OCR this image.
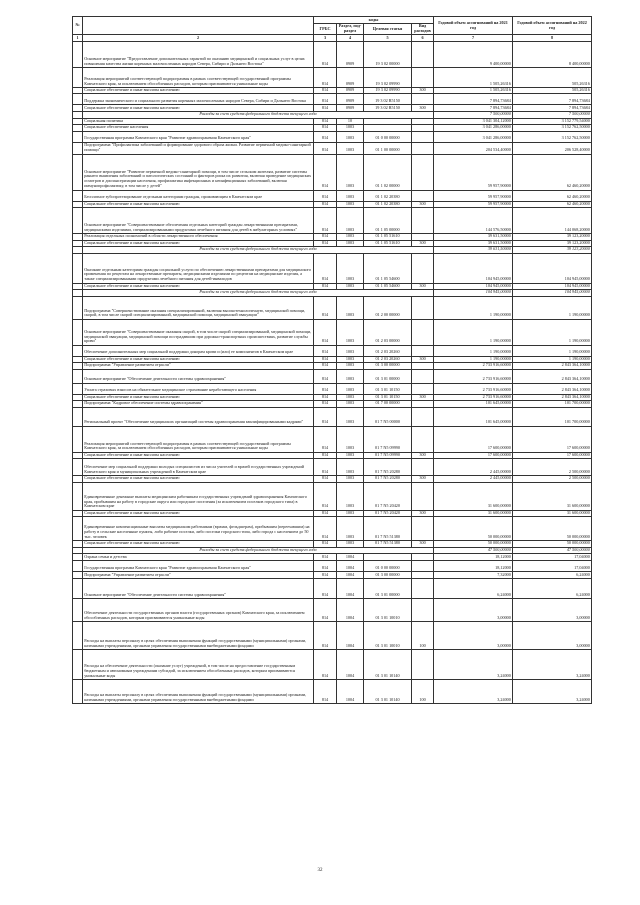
№		коды				Годовой объем ассигнований на 2021 год	Годовой объем ассигнований на 2022 год
		ГРБС	Раздел, под-раздел	Целевая статья	Вид расходов		
1	2	3	4	5	6	7	8
	Основное мероприятие "Предоставление дополнительных гарантий по оказанию медицинской и социальных услуг в целях повышения качества жизни коренных малочисленных народов Севера, Сибири и Дальнего Востока"	814	0909	19 3 02 00000		9 400,00000	8 400,00000
	Реализация мероприятий соответствующей подпрограммы в рамках соответствующей государственной программы Камчатского края, за исключением обособленных расходов, которым присваиваются уникальные коды	814	0909	19 3 02 09990		1 505,26316	505,26316
	Социальное обеспечение и иные выплаты населению	814	0909	19 3 02 09990	300	1 505,26316	505,26316
	Поддержка экономического и социального развития коренных малочисленных народов Севера, Сибири и Дальнего Востока	814	0909	19 3 02 R5150		7 894,73684	7 894,73684
	Социальное обеспечение и иные выплаты населению	814	0909	19 3 02 R5150	300	7 894,73684	7 894,73684
	Расходы за счет средств федерального бюджета текущего года					7 500,00000	7 500,00000
	Социальная политика	814	10			3 041 304,12000	3 152 779,54000
	Социальное обеспечение населения	814	1003			3 041 286,00000	3 152 762,50000
	Государственная программа Камчатского края "Развитие здравоохранения Камчатского края"	814	1003	01 0 00 00000		3 041 286,00000	3 152 762,50000
	Подпрограмма "Профилактика заболеваний и формирование здорового образа жизни. Развитие первичной медико-санитарной помощи"	814	1003	01 1 00 00000		204 534,40000	206 528,40000
	Основное мероприятие "Развитие первичной медико-санитарной помощи, в том числе сельским жителям, развитие системы раннего выявления заболеваний и патологических состояний и факторов риска их развития, включая проведение медицинских осмотров и диспансеризации населения, профилактика инфекционных и неинфекционных заболеваний, включая иммунопрофилактику, в том числе у детей"	814	1003	01 1 02 00000		59 957,90000	62 460,20000
	Бесплатное зубопротезирование отдельным категориям граждан, проживающим в Камчатском крае	814	1003	01 1 02 20380		59 957,90000	62 460,20000
	Социальное обеспечение и иные выплаты населению	814	1003	01 1 02 20380	300	59 957,90000	62 460,20000
	Основное мероприятие "Совершенствование обеспечения отдельных категорий граждан лекарственными препаратами, медицинскими изделиями, специализированными продуктами лечебного питания для детей в амбулаторных условиях"	814	1003	01 1 05 00000		144 576,50000	144 068,20000
	Реализация отдельных полномочий в области лекарственного обеспечения	814	1003	01 1 05 51610		39 631,50000	39 123,20000
	Социальное обеспечение и иные выплаты населению	814	1003	01 1 05 51610	300	39 631,50000	39 123,20000
	Расходы за счет средств федерального бюджета текущего года					39 631,50000	39 123,20000
	Оказание отдельным категориям граждан социальной услуги по обеспечению лекарственными препаратами для медицинского применения по рецептам на лекарственные препараты, медицинскими изделиями по рецептам на медицинские изделия, а также специализированными продуктами лечебного питания для детей-инвалидов	814	1003	01 1 05 54600		104 945,00000	104 945,00000
	Социальное обеспечение и иные выплаты населению	814	1003	01 1 05 54600	300	104 945,00000	104 945,00000
	Расходы за счет средств федерального бюджета текущего года					104 945,00000	104 945,00000
	Подпрограмма "Совершенствование оказания специализированной, включая высокотехнологичную, медицинской помощи, скорой, в том числе скорой специализированной, медицинской помощи, медицинской эвакуации"	814	1003	01 2 00 00000		1 190,00000	1 190,00000
	Основное мероприятие "Совершенствование оказания скорой, в том числе скорой специализированной, медицинской помощи, медицинской эвакуации, медицинской помощи пострадавшим при дорожно-транспортных происшествиях, развитие службы крови"	814	1003	01 2 03 00000		1 190,00000	1 190,00000
	Обеспечение дополнительных мер социальной поддержки донорам крови и (или) ее компонентов в Камчатском крае	814	1003	01 2 03 20260		1 190,00000	1 190,00000
	Социальное обеспечение и иные выплаты населению	814	1003	01 2 03 20260	300	1 190,00000	1 190,00000
	Подпрограмма "Управление развитием отрасли"	814	1003	01 3 00 00000		2 733 916,60000	2 843 364,10000
	Основное мероприятие "Обеспечение деятельности системы здравоохранения"	814	1003	01 3 01 00000		2 733 916,60000	2 843 364,10000
	Уплата страховых взносов на обязательное медицинское страхование неработающего населения	814	1003	01 3 01 10150		2 733 916,60000	2 843 364,10000
	Социальное обеспечение и иные выплаты населению	814	1003	01 3 01 10150	300	2 733 916,60000	2 843 364,10000
	Подпрограмма "Кадровое обеспечение системы здравоохранения"	814	1003	01 7 00 00000		101 645,00000	101 700,00000
	Региональный проект "Обеспечение медицинских организаций системы здравоохранения квалифицированными кадрами"	814	1003	01 7 N5 00000		101 645,00000	101 700,00000
	Реализация мероприятий соответствующей подпрограммы в рамках соответствующей государственной программы Камчатского края, за исключением обособленных расходов, которым присваиваются уникальные коды	814	1003	01 7 N5 09990		17 600,00000	17 600,00000
	Социальное обеспечение и иные выплаты населению	814	1003	01 7 N5 09990	300	17 600,00000	17 600,00000
	Обеспечение мер социальной поддержки молодых специалистов из числа учителей и врачей государственных учреждений Камчатского края и муниципальных учреждений в Камчатском крае	814	1003	01 7 N5 20280		2 445,00000	2 500,00000
	Социальное обеспечение и иные выплаты населению	814	1003	01 7 N5 20280	300	2 445,00000	2 500,00000
	Единовременные денежные выплаты медицинским работникам государственных учреждений здравоохранения Камчатского края, прибывшим на работу в городские округа или городские поселения (за исключением поселков городского типа) в Камчатском крае	814	1003	01 7 N5 20420		31 600,00000	31 600,00000
	Социальное обеспечение и иные выплаты населению	814	1003	01 7 N5 20420	300	31 600,00000	31 600,00000
	Единовременные компенсационные выплаты медицинским работникам (врачам, фельдшерам), прибывшим (переехавшим) на работу в сельские населенные пункты, либо рабочие поселки, либо поселки городского типа, либо города с населением до 50 тыс. человек	814	1003	01 7 N5 51380		50 000,00000	50 000,00000
	Социальное обеспечение и иные выплаты населению	814	1003	01 7 N5 51380	300	50 000,00000	50 000,00000
	Расходы за счет средств федерального бюджета текущего года					47 500,00000	47 500,00000
	Охрана семьи и детства	814	1004			18,12000	17,04000
	Государственная программа Камчатского края "Развитие здравоохранения Камчатского края"	814	1004	01 0 00 00000		18,12000	17,04000
	Подпрограмма "Управление развитием отрасли"	814	1004	01 3 00 00000		7,32000	6,24000
	Основное мероприятие "Обеспечение деятельности системы здравоохранения"	814	1004	01 3 01 00000		6,24000	6,24000
	Обеспечение деятельности государственных органов власти (государственных органов) Камчатского края, за исключением обособленных расходов, которым присваиваются уникальные коды	814	1004	01 3 01 10010		3,00000	3,00000
	Расходы на выплаты персоналу в целях обеспечения выполнения функций государственными (муниципальными) органами, казенными учреждениями, органами управления государственными внебюджетными фондами	814	1004	01 3 01 10010	100	3,00000	3,00000
	Расходы на обеспечение деятельности (оказание услуг) учреждений, в том числе на предоставление государственным бюджетным и автономным учреждениям субсидий, за исключением обособленных расходов, которым присваиваются уникальные коды	814	1004	01 3 01 10140		3,24000	3,24000
	Расходы на выплаты персоналу в целях обеспечения выполнения функций государственными (муниципальными) органами, казенными учреждениями, органами управления государственными внебюджетными фондами	814	1004	01 3 01 10140	100	3,24000	3,24000
32
